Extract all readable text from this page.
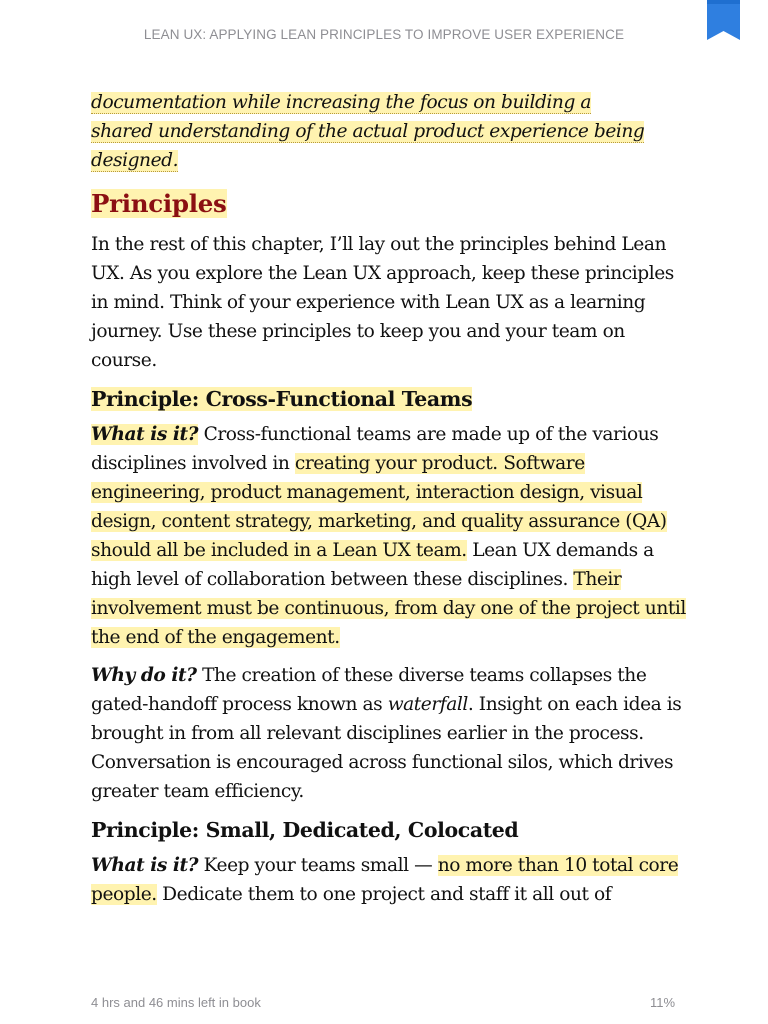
LEAN UX: APPLYING LEAN PRINCIPLES TO IMPROVE USER EXPERIENCE

documentation while increasing the focus on building a
shared understanding of the actual product experience being
designed.

Principles

In the rest of this chapter, I’ll lay out the principles behind Lean UX. As you explore the Lean UX approach, keep these principles in mind. Think of your experience with Lean UX as a learning journey. Use these principles to keep you and your team on course.

Principle: Cross-Functional Teams

What is it? Cross-functional teams are made up of the various disciplines involved in creating your product. Software engineering, product management, interaction design, visual design, content strategy, marketing, and quality assurance (QA) should all be included in a Lean UX team. Lean UX demands a high level of collaboration between these disciplines. Their involvement must be continuous, from day one of the project until the end of the engagement.

Why do it? The creation of these diverse teams collapses the gated-handoff process known as waterfall. Insight on each idea is brought in from all relevant disciplines earlier in the process. Conversation is encouraged across functional silos, which drives greater team efficiency.

Principle: Small, Dedicated, Colocated

What is it? Keep your teams small — no more than 10 total core people. Dedicate them to one project and staff it all out of

4 hrs and 46 mins left in book	11%
